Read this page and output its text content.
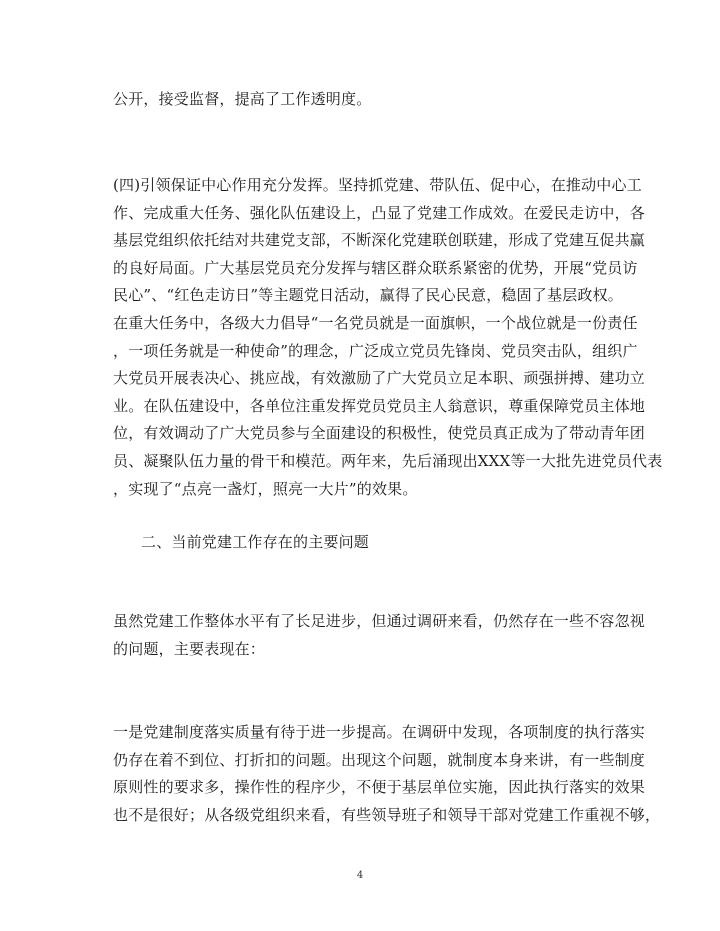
公开，接受监督，提高了工作透明度。

(四)引领保证中心作用充分发挥。坚持抓党建、带队伍、促中心，在推动中心工
作、完成重大任务、强化队伍建设上，凸显了党建工作成效。在爱民走访中，各
基层党组织依托结对共建党支部，不断深化党建联创联建，形成了党建互促共赢
的良好局面。广大基层党员充分发挥与辖区群众联系紧密的优势，开展“党员访
民心”、“红色走访日”等主题党日活动，赢得了民心民意，稳固了基层政权。
在重大任务中，各级大力倡导“一名党员就是一面旗帜，一个战位就是一份责任
，一项任务就是一种使命”的理念，广泛成立党员先锋岗、党员突击队，组织广
大党员开展表决心、挑应战，有效激励了广大党员立足本职、顽强拼搏、建功立
业。在队伍建设中，各单位注重发挥党员党员主人翁意识，尊重保障党员主体地
位，有效调动了广大党员参与全面建设的积极性，使党员真正成为了带动青年团
员、凝聚队伍力量的骨干和模范。两年来，先后涌现出XXX等一大批先进党员代表
，实现了“点亮一盏灯，照亮一大片”的效果。

二、当前党建工作存在的主要问题

虽然党建工作整体水平有了长足进步，但通过调研来看，仍然存在一些不容忽视
的问题，主要表现在：

一是党建制度落实质量有待于进一步提高。在调研中发现，各项制度的执行落实
仍存在着不到位、打折扣的问题。出现这个问题，就制度本身来讲，有一些制度
原则性的要求多，操作性的程序少，不便于基层单位实施，因此执行落实的效果
也不是很好；从各级党组织来看，有些领导班子和领导干部对党建工作重视不够，

4
